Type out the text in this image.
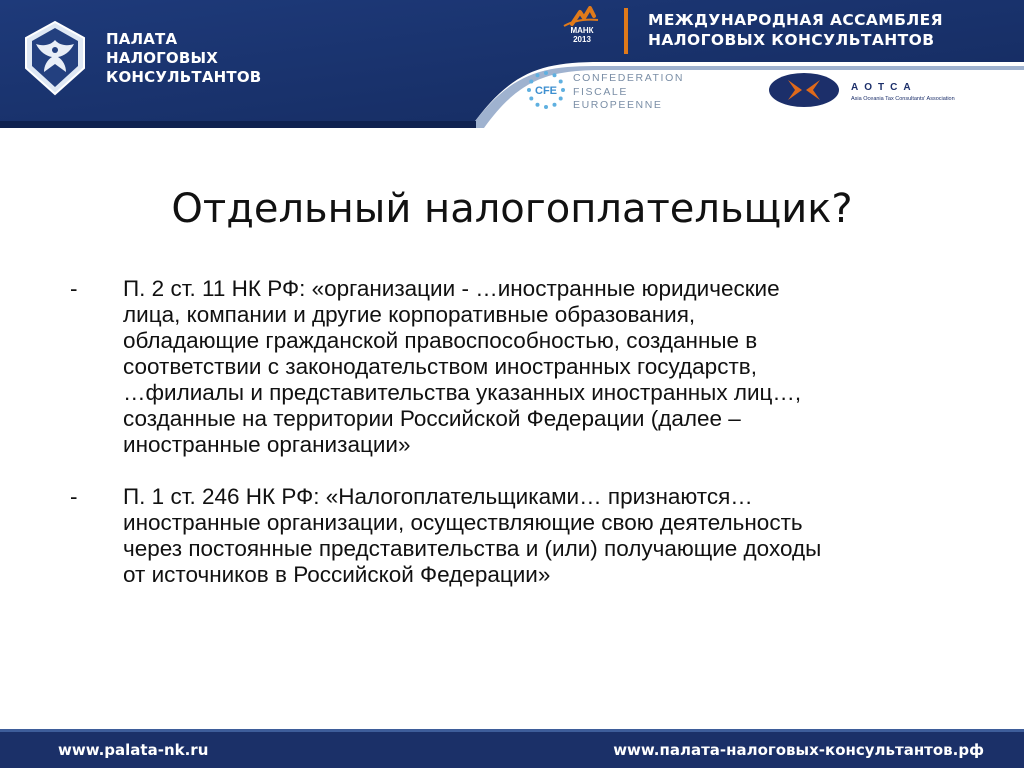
ПАЛАТА
НАЛОГОВЫХ
КОНСУЛЬТАНТОВ
МАНК
2013
МЕЖДУНАРОДНАЯ АССАМБЛЕЯ
НАЛОГОВЫХ КОНСУЛЬТАНТОВ
CFE
CONFEDERATION
FISCALE
EUROPEENNE
AOTCA
Asia Oceania Tax Consultants' Association
Отдельный налогоплательщик?
- П. 2 ст. 11 НК РФ: «организации - …иностранные юридические
лица, компании и другие корпоративные образования,
обладающие гражданской правоспособностью, созданные в
соответствии с законодательством иностранных государств,
…филиалы и представительства указанных иностранных лиц…,
созданные на территории Российской Федерации (далее –
иностранные организации»
- П. 1 ст. 246 НК РФ: «Налогоплательщиками… признаются…
иностранные организации, осуществляющие свою деятельность
через постоянные представительства и (или) получающие доходы
от источников в Российской Федерации»
www.palata-nk.ru	www.палата-налоговых-консультантов.рф
